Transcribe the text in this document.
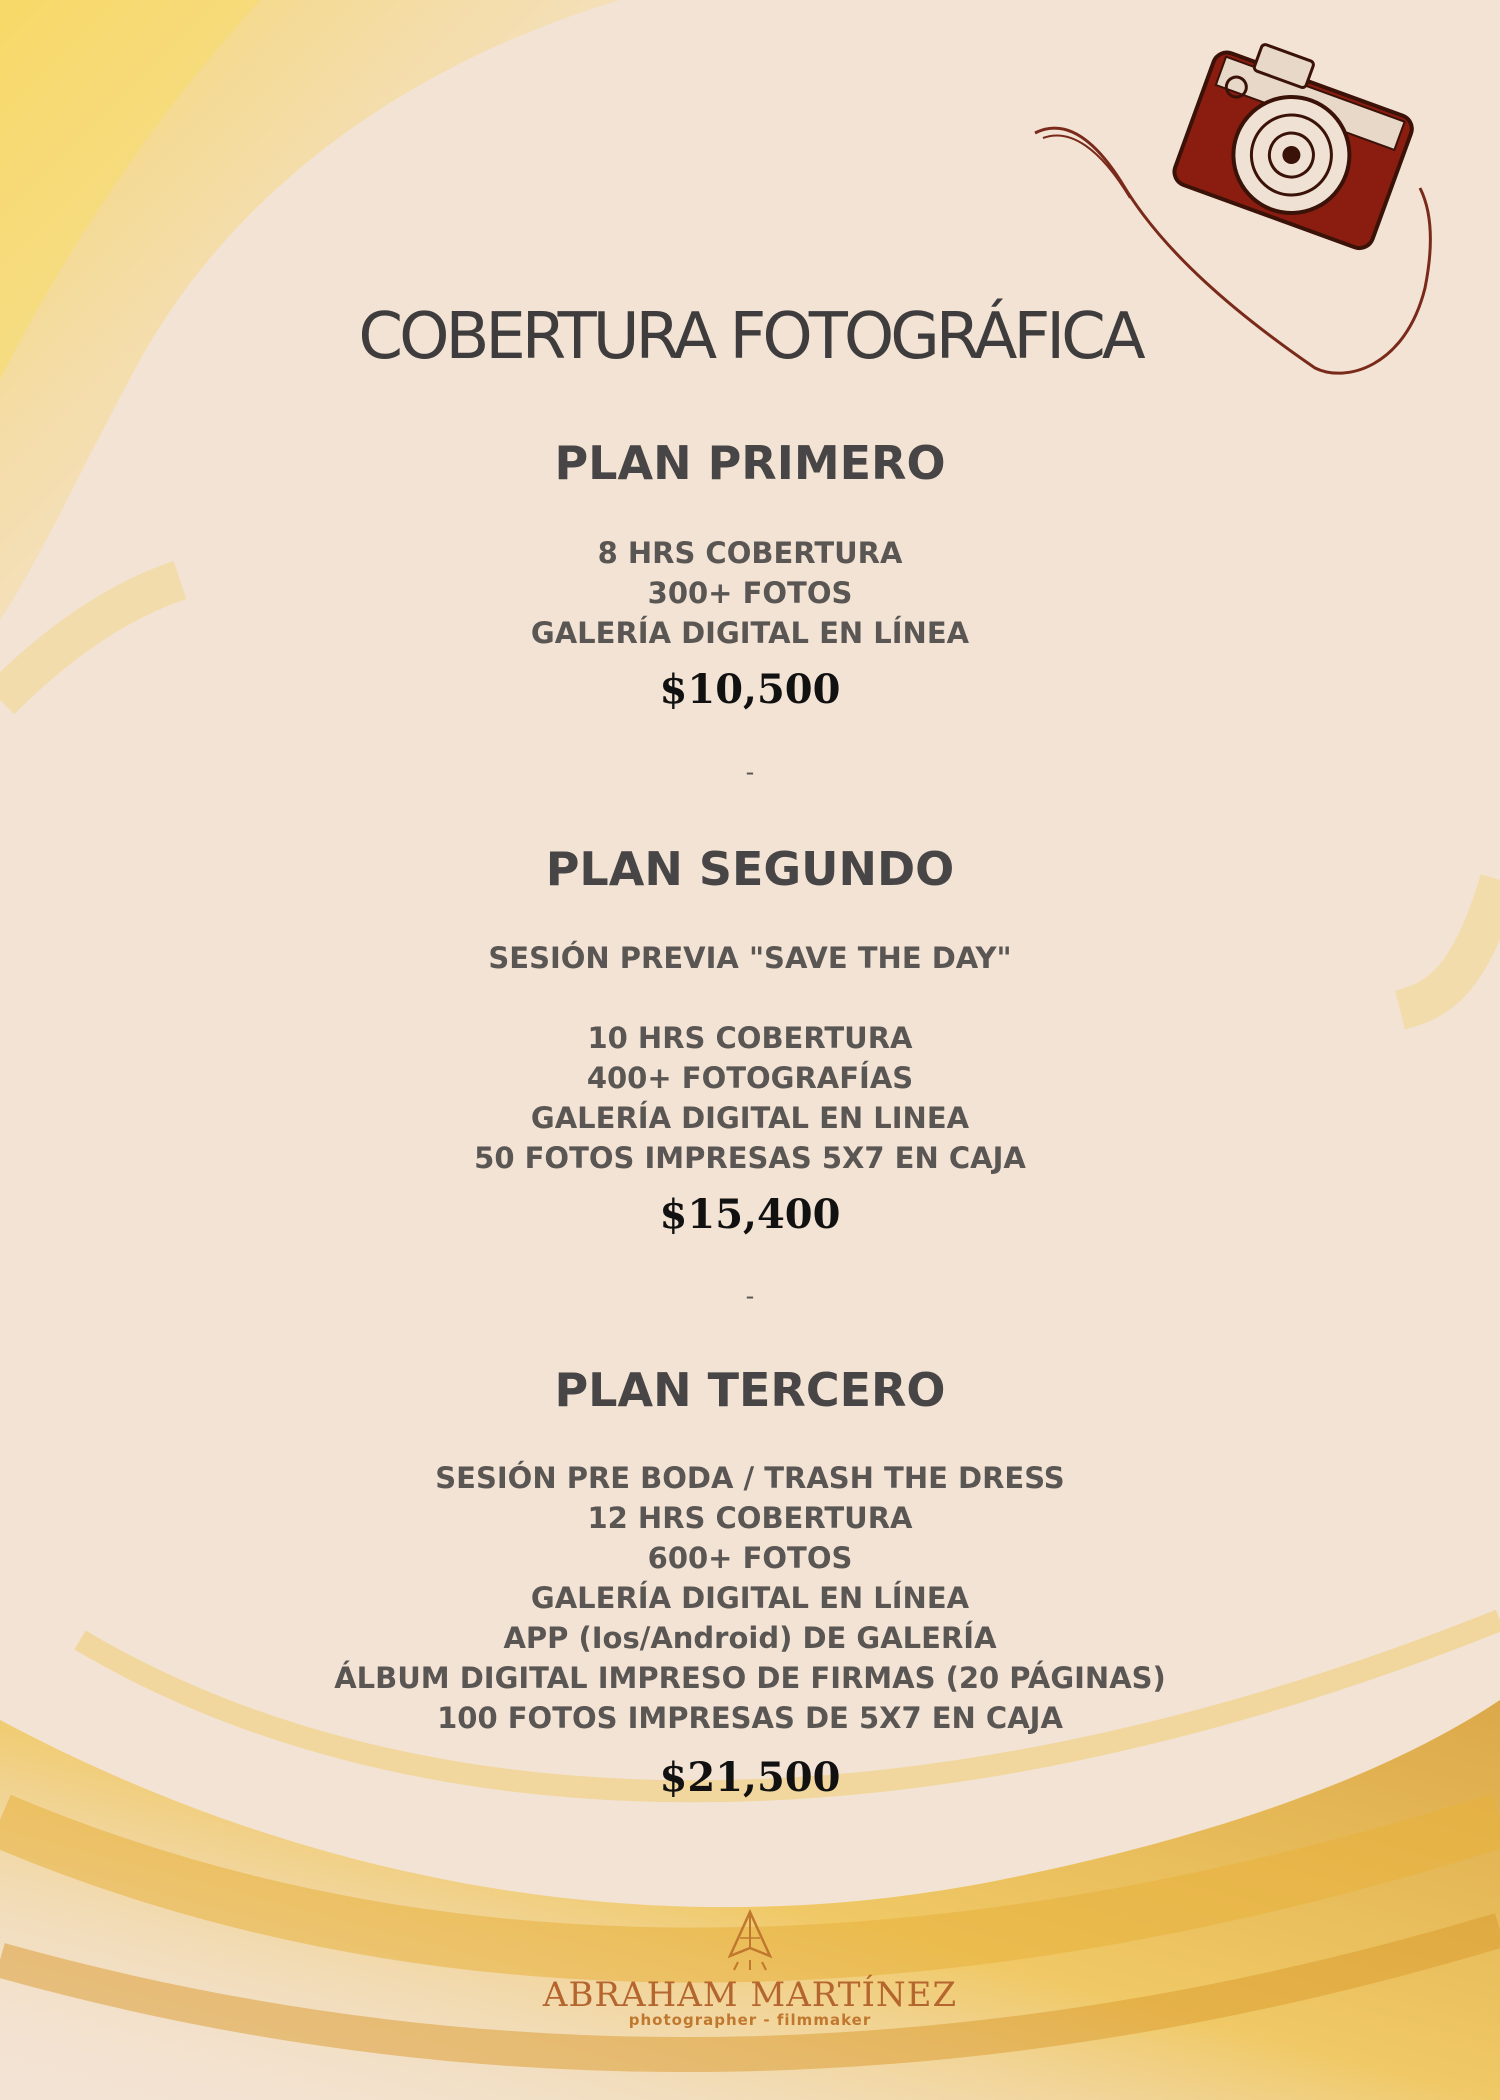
COBERTURA FOTOGRÁFICA
PLAN PRIMERO
8 HRS COBERTURA
300+ FOTOS
GALERÍA DIGITAL EN LÍNEA
$10,500
-
PLAN SEGUNDO
SESIÓN PREVIA "SAVE THE DAY"
10 HRS COBERTURA
400+ FOTOGRAFÍAS
GALERÍA DIGITAL EN LINEA
50 FOTOS IMPRESAS 5X7 EN CAJA
$15,400
-
PLAN TERCERO
SESIÓN PRE BODA / TRASH THE DRESS
12 HRS COBERTURA
600+ FOTOS
GALERÍA DIGITAL EN LÍNEA
APP (Ios/Android) DE GALERÍA
ÁLBUM DIGITAL IMPRESO DE FIRMAS (20 PÁGINAS)
100 FOTOS IMPRESAS DE 5X7 EN CAJA
$21,500
ABRAHAM MARTÍNEZ
photographer - filmmaker
